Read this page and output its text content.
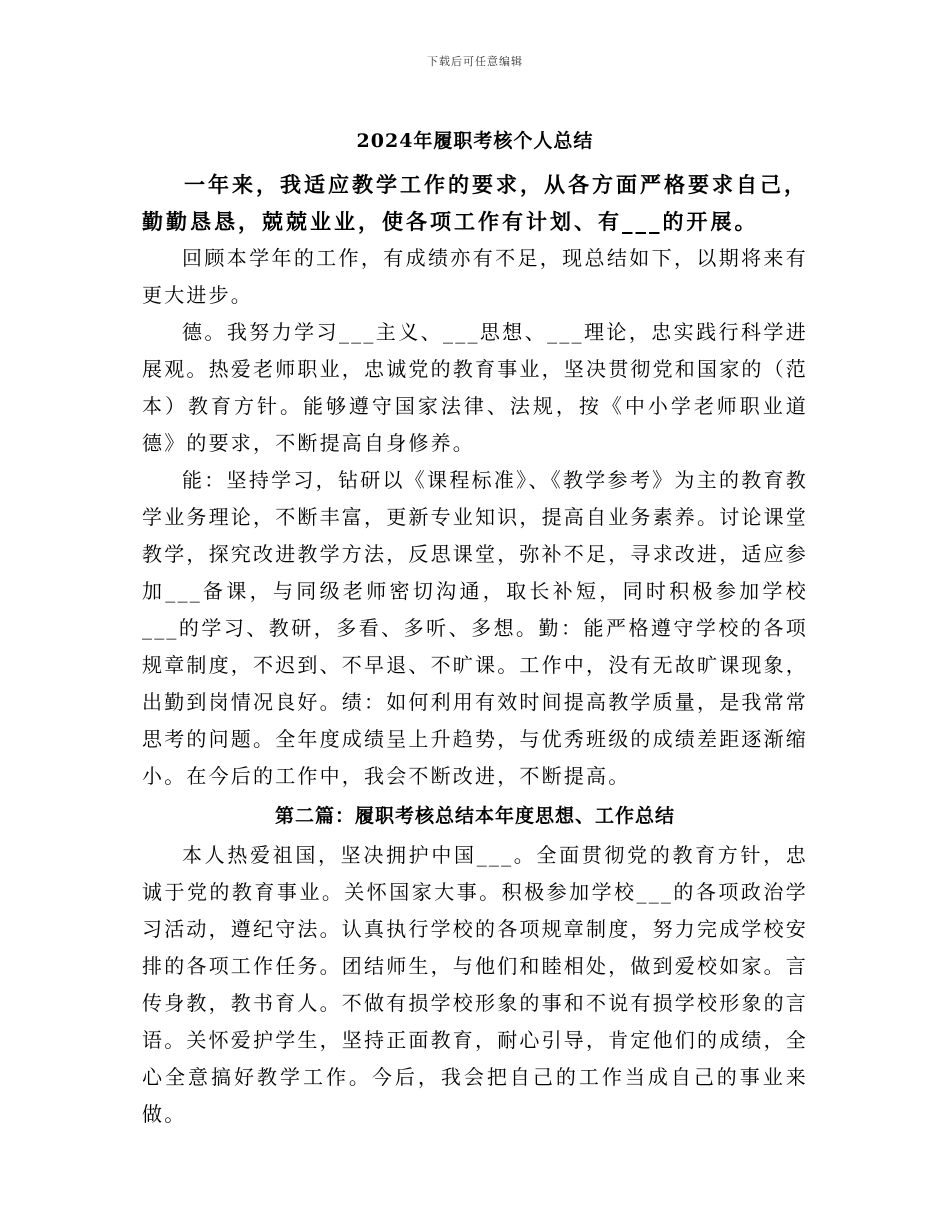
下载后可任意编辑
2024年履职考核个人总结

一年来，我适应教学工作的要求，从各方面严格要求自己，勤勤恳恳，兢兢业业，使各项工作有计划、有___的开展。

回顾本学年的工作，有成绩亦有不足，现总结如下，以期将来有更大进步。

德。我努力学习___主义、___思想、___理论，忠实践行科学进展观。热爱老师职业，忠诚党的教育事业，坚决贯彻党和国家的（范本）教育方针。能够遵守国家法律、法规，按《中小学老师职业道德》的要求，不断提高自身修养。

能：坚持学习，钻研以《课程标准》、《教学参考》为主的教育教学业务理论，不断丰富，更新专业知识，提高自业务素养。讨论课堂教学，探究改进教学方法，反思课堂，弥补不足，寻求改进，适应参加___备课，与同级老师密切沟通，取长补短，同时积极参加学校___的学习、教研，多看、多听、多想。勤：能严格遵守学校的各项规章制度，不迟到、不早退、不旷课。工作中，没有无故旷课现象，出勤到岗情况良好。绩：如何利用有效时间提高教学质量，是我常常思考的问题。全年度成绩呈上升趋势，与优秀班级的成绩差距逐渐缩小。在今后的工作中，我会不断改进，不断提高。

第二篇：履职考核总结本年度思想、工作总结

本人热爱祖国，坚决拥护中国___。全面贯彻党的教育方针，忠诚于党的教育事业。关怀国家大事。积极参加学校___的各项政治学习活动，遵纪守法。认真执行学校的各项规章制度，努力完成学校安排的各项工作任务。团结师生，与他们和睦相处，做到爱校如家。言传身教，教书育人。不做有损学校形象的事和不说有损学校形象的言语。关怀爱护学生，坚持正面教育，耐心引导，肯定他们的成绩，全心全意搞好教学工作。今后，我会把自己的工作当成自己的事业来做。
